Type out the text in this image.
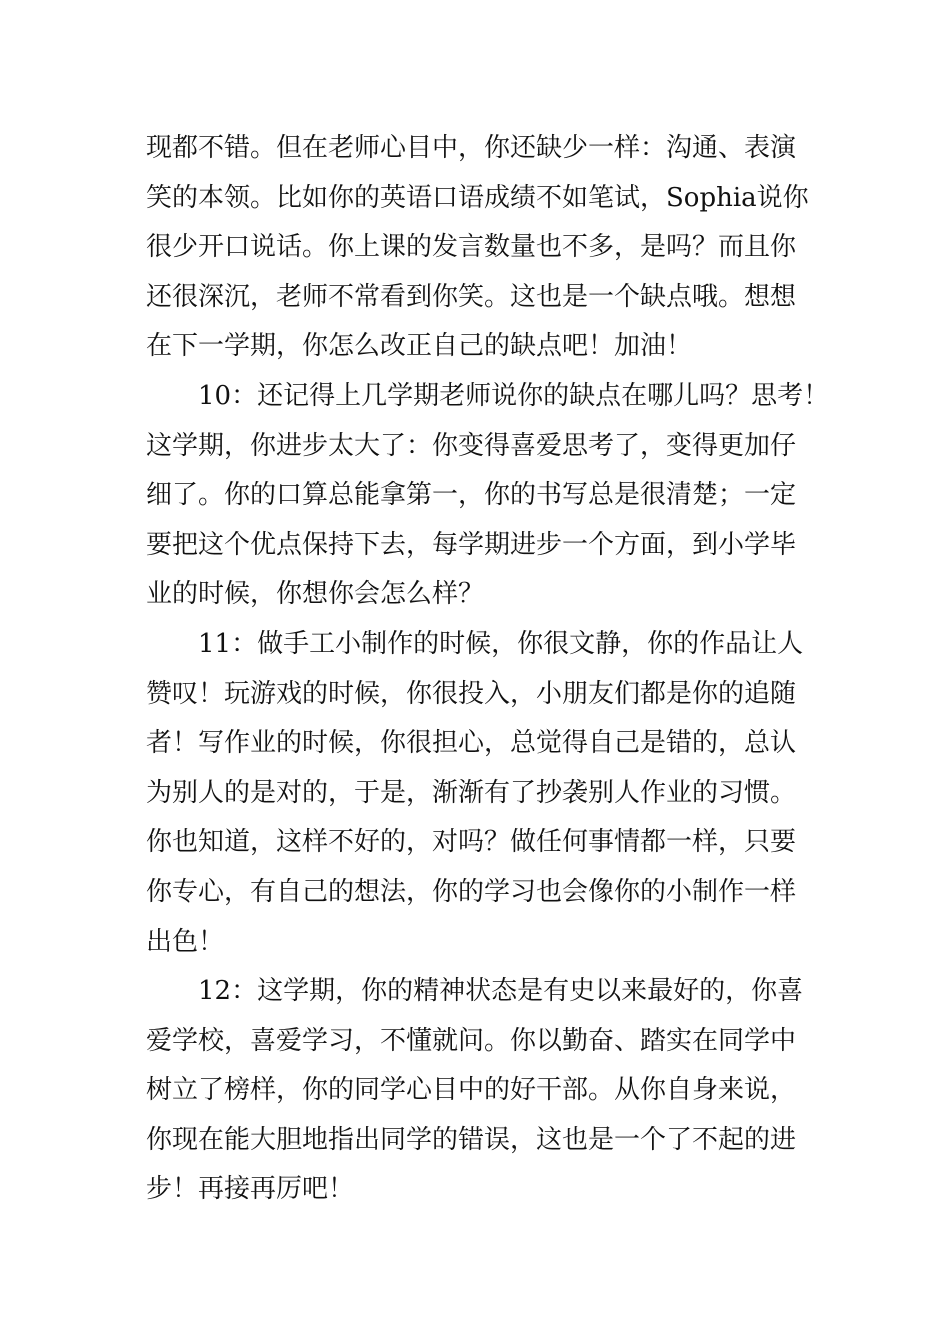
现都不错。但在老师心目中，你还缺少一样：沟通、表演
笑的本领。比如你的英语口语成绩不如笔试，Sophia说你
很少开口说话。你上课的发言数量也不多，是吗？而且你
还很深沉，老师不常看到你笑。这也是一个缺点哦。想想
在下一学期，你怎么改正自己的缺点吧！加油！
10：还记得上几学期老师说你的缺点在哪儿吗？思考！
这学期，你进步太大了：你变得喜爱思考了，变得更加仔
细了。你的口算总能拿第一，你的书写总是很清楚；一定
要把这个优点保持下去，每学期进步一个方面，到小学毕
业的时候，你想你会怎么样？
11：做手工小制作的时候，你很文静，你的作品让人
赞叹！玩游戏的时候，你很投入，小朋友们都是你的追随
者！写作业的时候，你很担心，总觉得自己是错的，总认
为别人的是对的，于是，渐渐有了抄袭别人作业的习惯。
你也知道，这样不好的，对吗？做任何事情都一样，只要
你专心，有自己的想法，你的学习也会像你的小制作一样
出色！
12：这学期，你的精神状态是有史以来最好的，你喜
爱学校，喜爱学习，不懂就问。你以勤奋、踏实在同学中
树立了榜样，你的同学心目中的好干部。从你自身来说，
你现在能大胆地指出同学的错误，这也是一个了不起的进
步！再接再厉吧！
